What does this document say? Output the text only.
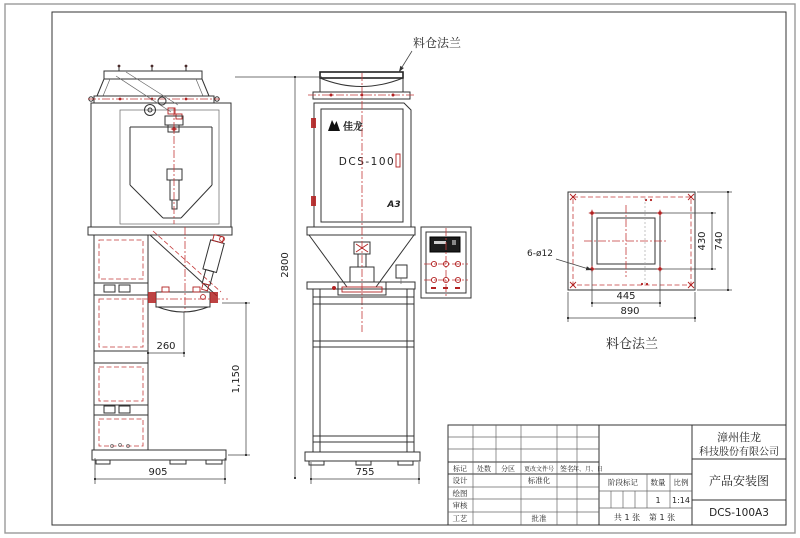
佳龙
DCS-100
A3
2800
260
1,150
905	755
430 740
445
890
料仓法兰
6-ø12
料仓法兰
标记 处数 分区 更改文件号 签名
年、月、日
设计
绘图
审核
工艺
标准化
批准
阶段标记 数量 比例
1 1:14
共 1 张 第 1 张
漳州佳龙
科技股份有限公司
产品安装图
DCS-100A3
